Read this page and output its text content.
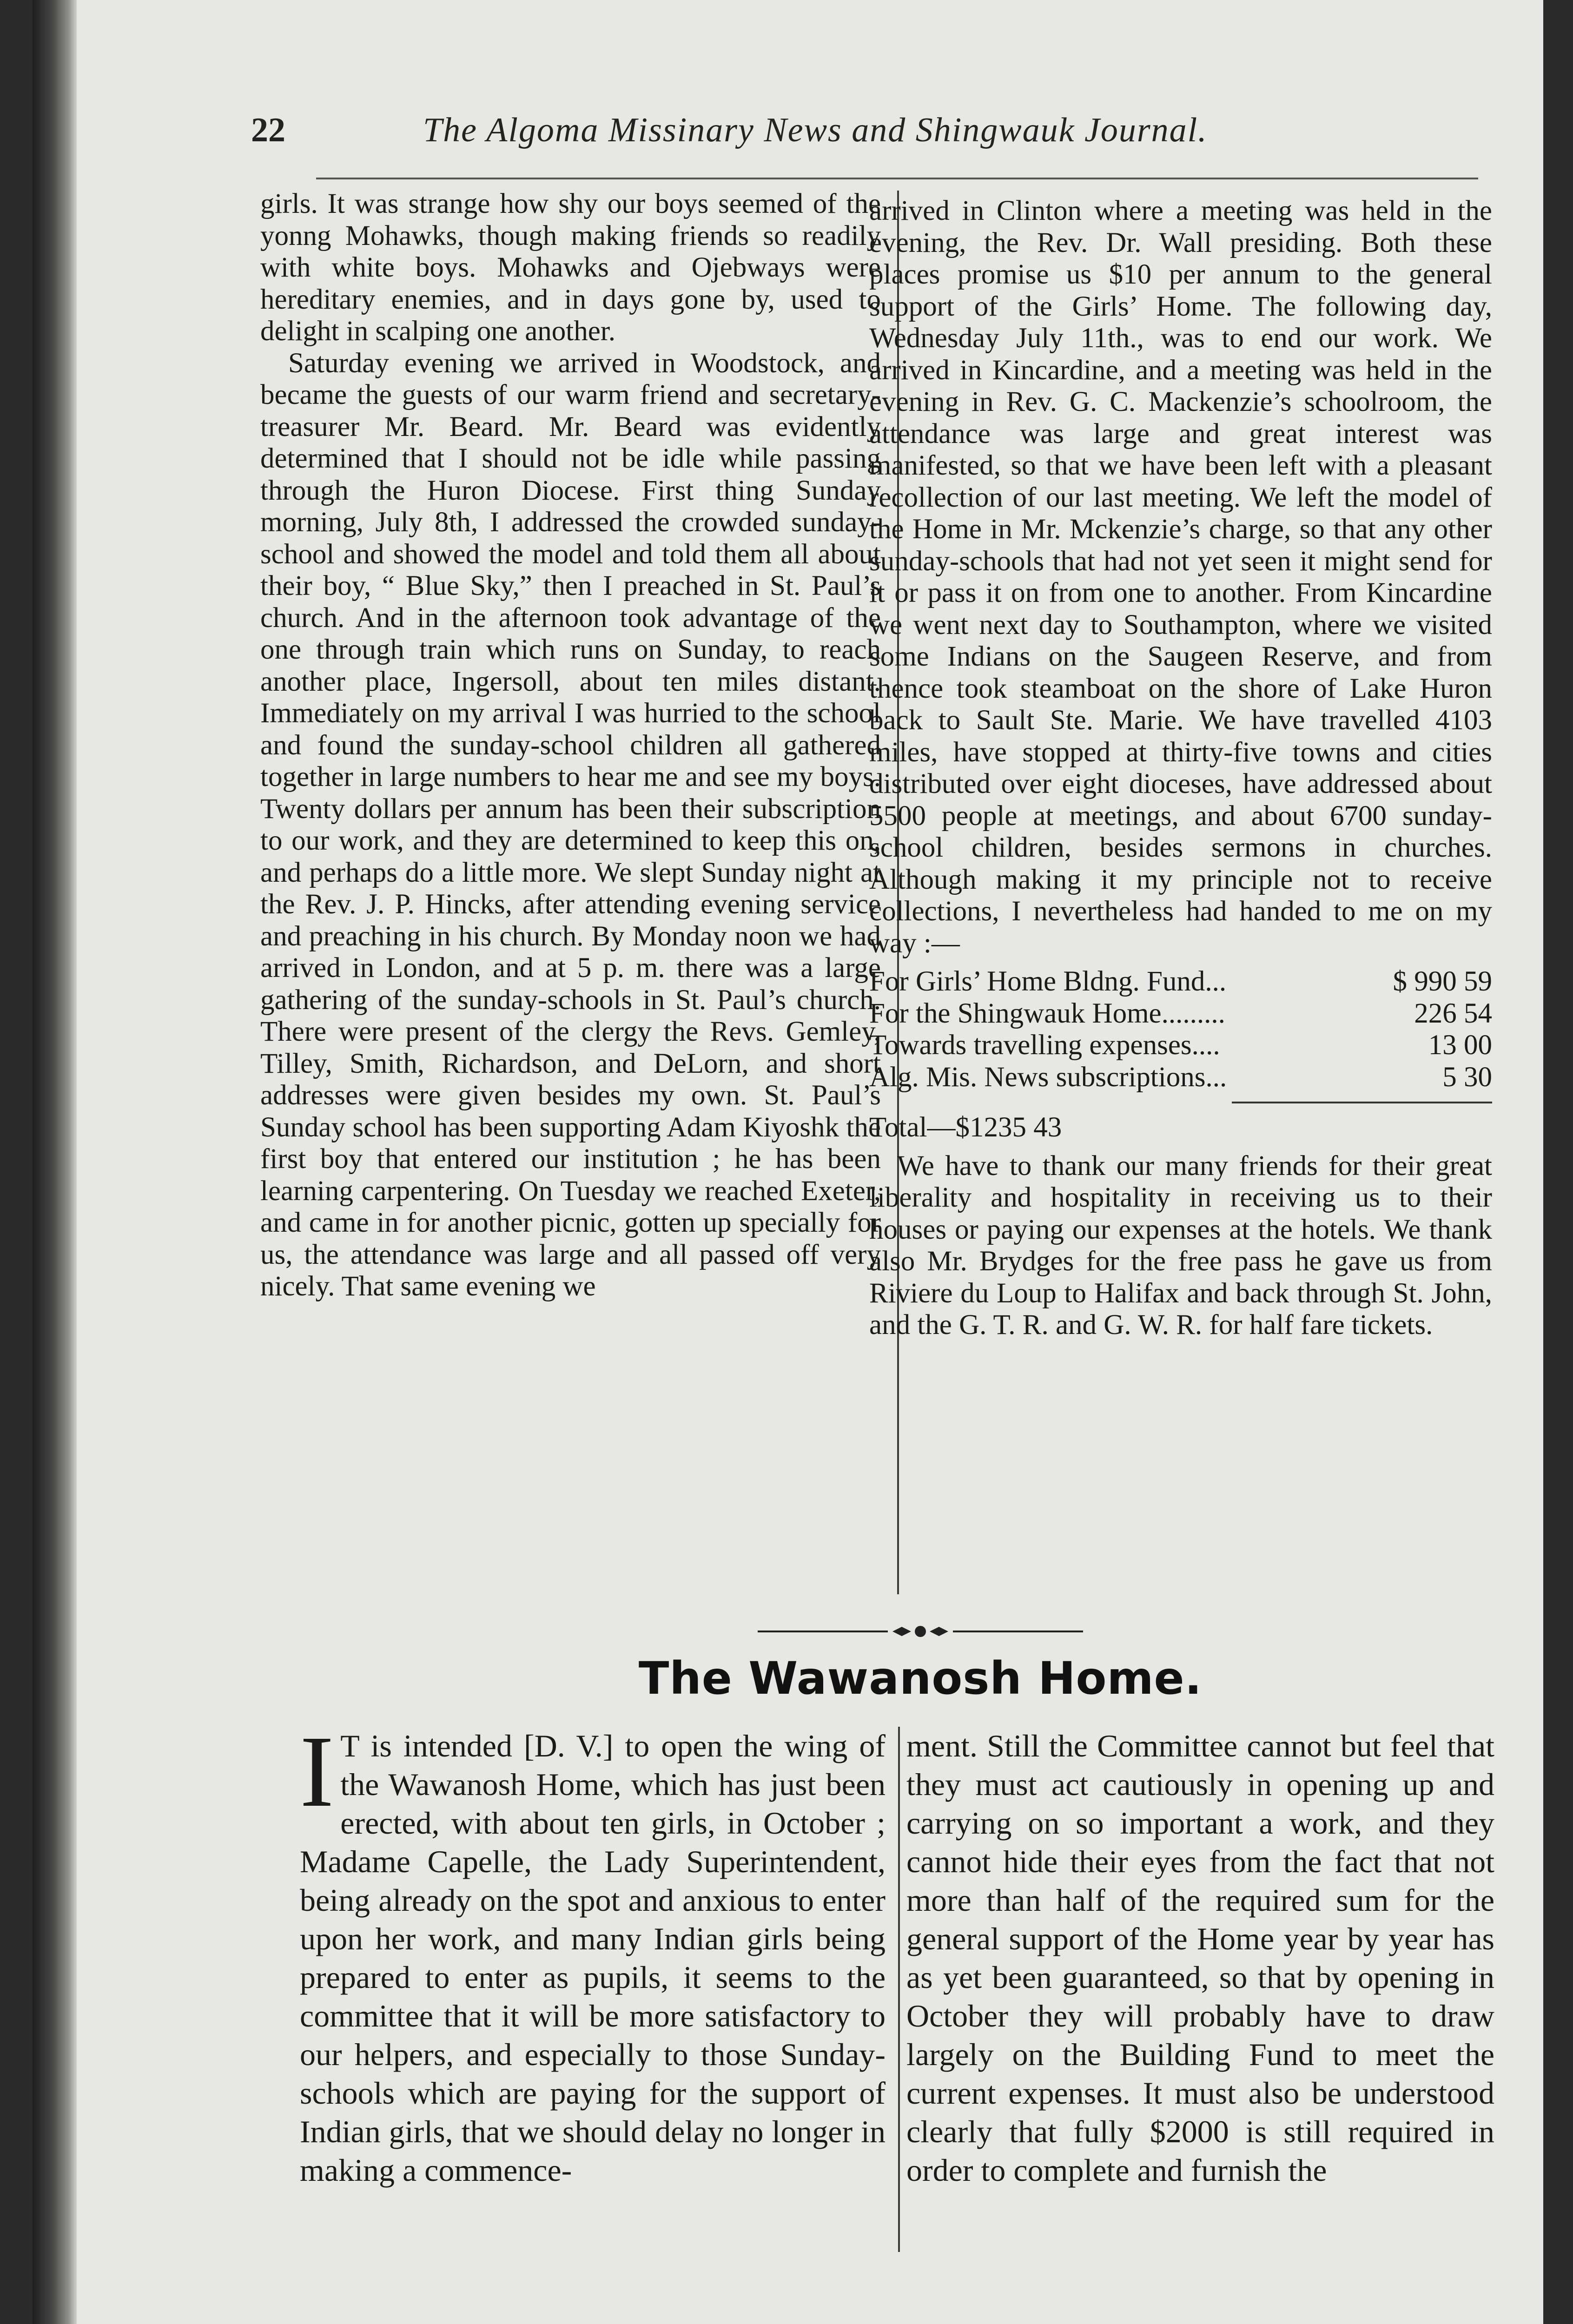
22	The Algoma Missinary News and Shingwauk Journal.

girls. It was strange how shy our boys seemed of the yonng Mohawks, though making friends so readily with white boys. Mohawks and Ojebways were hereditary enemies, and in days gone by, used to delight in scalping one another.

Saturday evening we arrived in Woodstock, and became the guests of our warm friend and secretary-treasurer Mr. Beard. Mr. Beard was evidently determined that I should not be idle while passing through the Huron Diocese. First thing Sunday morning, July 8th, I addressed the crowded sunday-school and showed the model and told them all about their boy, “ Blue Sky,” then I preached in St. Paul’s church. And in the afternoon took advantage of the one through train which runs on Sunday, to reach another place, Ingersoll, about ten miles distant. Immediately on my arrival I was hurried to the school and found the sunday-school children all gathered together in large numbers to hear me and see my boys. Twenty dollars per annum has been their subscription to our work, and they are determined to keep this on, and perhaps do a little more. We slept Sunday night at the Rev. J. P. Hincks, after attending evening service and preaching in his church. By Monday noon we had arrived in London, and at 5 p. m. there was a large gathering of the sunday-schools in St. Paul’s church. There were present of the clergy the Revs. Gemley, Tilley, Smith, Richardson, and DeLorn, and short addresses were given besides my own. St. Paul’s Sunday school has been supporting Adam Kiyoshk the first boy that entered our institution ; he has been learning carpentering. On Tuesday we reached Exeter, and came in for another picnic, gotten up specially for us, the attendance was large and all passed off very nicely. That same evening we

arrived in Clinton where a meeting was held in the evening, the Rev. Dr. Wall presiding. Both these places promise us $10 per annum to the general support of the Girls’ Home. The following day, Wednesday July 11th., was to end our work. We arrived in Kincardine, and a meeting was held in the evening in Rev. G. C. Mackenzie’s schoolroom, the attendance was large and great interest was manifested, so that we have been left with a pleasant recollection of our last meeting. We left the model of the Home in Mr. Mckenzie’s charge, so that any other sunday-schools that had not yet seen it might send for it or pass it on from one to another. From Kincardine we went next day to Southampton, where we visited some Indians on the Saugeen Reserve, and from thence took steamboat on the shore of Lake Huron back to Sault Ste. Marie. We have travelled 4103 miles, have stopped at thirty-five towns and cities distributed over eight dioceses, have addressed about 5500 people at meetings, and about 6700 sunday-school children, besides sermons in churches. Although making it my principle not to receive collections, I nevertheless had handed to me on my way :—

For Girls’ Home Bldng. Fund...	$ 990 59
For the Shingwauk Home.........	226 54
Towards travelling expenses....	13 00
Alg. Mis. News subscriptions...	5 30

Total—$1235 43

We have to thank our many friends for their great liberality and hospitality in receiving us to their houses or paying our expenses at the hotels. We thank also Mr. Brydges for the free pass he gave us from Riviere du Loup to Halifax and back through St. John, and the G. T. R. and G. W. R. for half fare tickets.

The Wawanosh Home.

I T is intended [D. V.] to open the wing of the Wawanosh Home, which has just been erected, with about ten girls, in October ; Madame Capelle, the Lady Superintendent, being already on the spot and anxious to enter upon her work, and many Indian girls being prepared to enter as pupils, it seems to the committee that it will be more satisfactory to our helpers, and especially to those Sunday-schools which are paying for the support of Indian girls, that we should delay no longer in making a commence-

ment. Still the Committee cannot but feel that they must act cautiously in opening up and carrying on so important a work, and they cannot hide their eyes from the fact that not more than half of the required sum for the general support of the Home year by year has as yet been guaranteed, so that by opening in October they will probably have to draw largely on the Building Fund to meet the current expenses. It must also be understood clearly that fully $2000 is still required in order to complete and furnish the
